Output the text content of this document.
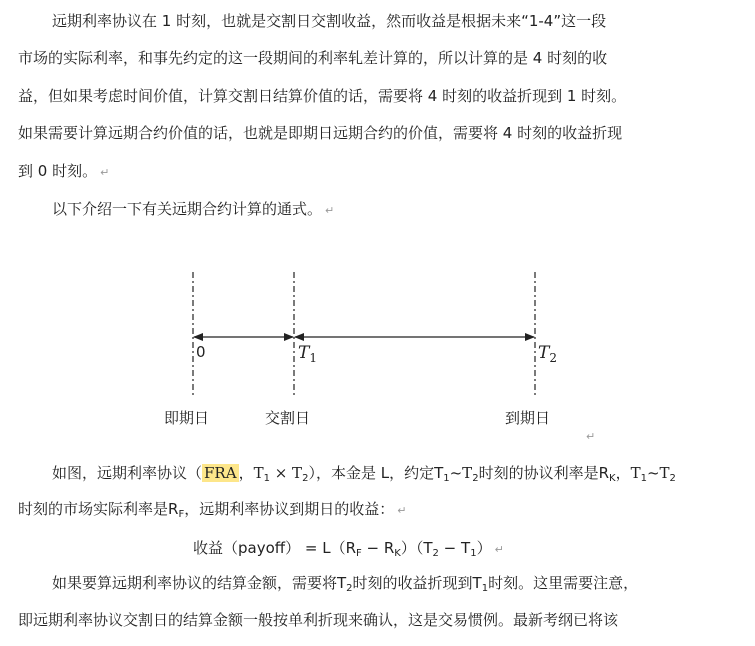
远期利率协议在 1 时刻，也就是交割日交割收益，然而收益是根据未来“1-4”这一段
市场的实际利率，和事先约定的这一段期间的利率轧差计算的，所以计算的是 4 时刻的收
益，但如果考虑时间价值，计算交割日结算价值的话，需要将 4 时刻的收益折现到 1 时刻。
如果需要计算远期合约价值的话，也就是即期日远期合约的价值，需要将 4 时刻的收益折现
到 0 时刻。 ↵
以下介绍一下有关远期合约计算的通式。 ↵
0	$T_1$	$T_2$
即期日	交割日	到期日
↵
如图，远期利率协议（ FRA ，$T_1 \times T_2$），本金是 L，约定$T_1\sim T_2$时刻的协议利率是$R_K$，$T_1\sim T_2$
时刻的市场实际利率是$R_F$，远期利率协议到期日的收益： ↵
收益（payoff） = $L(R_F - R_K)(T_2 - T_1)$ ↵
如果要算远期利率协议的结算金额，需要将$T_2$时刻的收益折现到$T_1$时刻。这里需要注意，
即远期利率协议交割日的结算金额一般按单利折现来确认，这是交易惯例。最新考纲已将该
